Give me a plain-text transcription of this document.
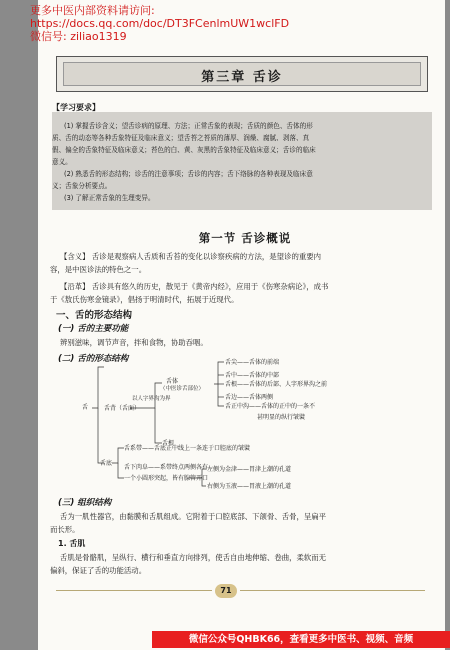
更多中医内部资料请访问:
https://docs.qq.com/doc/DT3FCenlmUW1wclFD
微信号: ziliao1319
第三章 舌诊
【学习要求】
(1) 掌握舌诊含义；望舌诊病的原理、方法；正常舌象的表现；舌质的颜色、舌体的形
质、舌的动态等各种舌象特征及临床意义；望舌苔之苔质的薄厚、润燥、腐腻、剥落、真
假、偏全的舌象特征及临床意义；苔色的白、黄、灰黑的舌象特征及临床意义；舌诊的临床
意义。
(2) 熟悉舌的形态结构；诊舌的注意事项；舌诊的内容；舌下络脉的各种表现及临床意
义；舌象分析要点。
(3) 了解正常舌象的生理变异。
第一节 舌诊概说
【含义】 舌诊是观察病人舌质和舌苔的变化以诊察疾病的方法，是望诊的重要内
容，是中医诊法的特色之一。
【沿革】 舌诊具有悠久的历史，散见于《黄帝内经》，应用于《伤寒杂病论》，成书
于《敖氏伤寒金镜录》，倡扬于明清时代，拓展于近现代。
一、舌的形态结构
(一) 舌的主要功能
辨别滋味，调节声音，拌和食物，协助吞咽。
(二) 舌的形态结构
舌	舌背（舌面）
以人字界沟为界
舌体
（中医诊舌部位）
舌根
舌尖——舌体的前端
舌中——舌体的中部
舌根——舌体的后部、人字形界沟之前
舌边——舌体两侧
舌正中沟——舌体的正中的一条不
甚明显的纵行皱襞
舌底
舌系带——舌底正中线上一条连于口腔底的皱襞
舌下肉阜——系带终点两侧各有
一个小圆形突起，皆有腺管开口
左侧为金津——胃津上潮的孔道
右侧为玉液——胃液上潮的孔道
(三) 组织结构
舌为一肌性器官，由黏膜和舌肌组成。它附着于口腔底部、下颌骨、舌骨，呈扁平
而长形。
1. 舌肌
舌肌是骨骼肌，呈纵行、横行和垂直方向排列，使舌自由地伸缩、卷曲，柔软而无
偏斜，保证了舌的功能活动。
71
微信公众号QHBK66，查看更多中医书、视频、音频
